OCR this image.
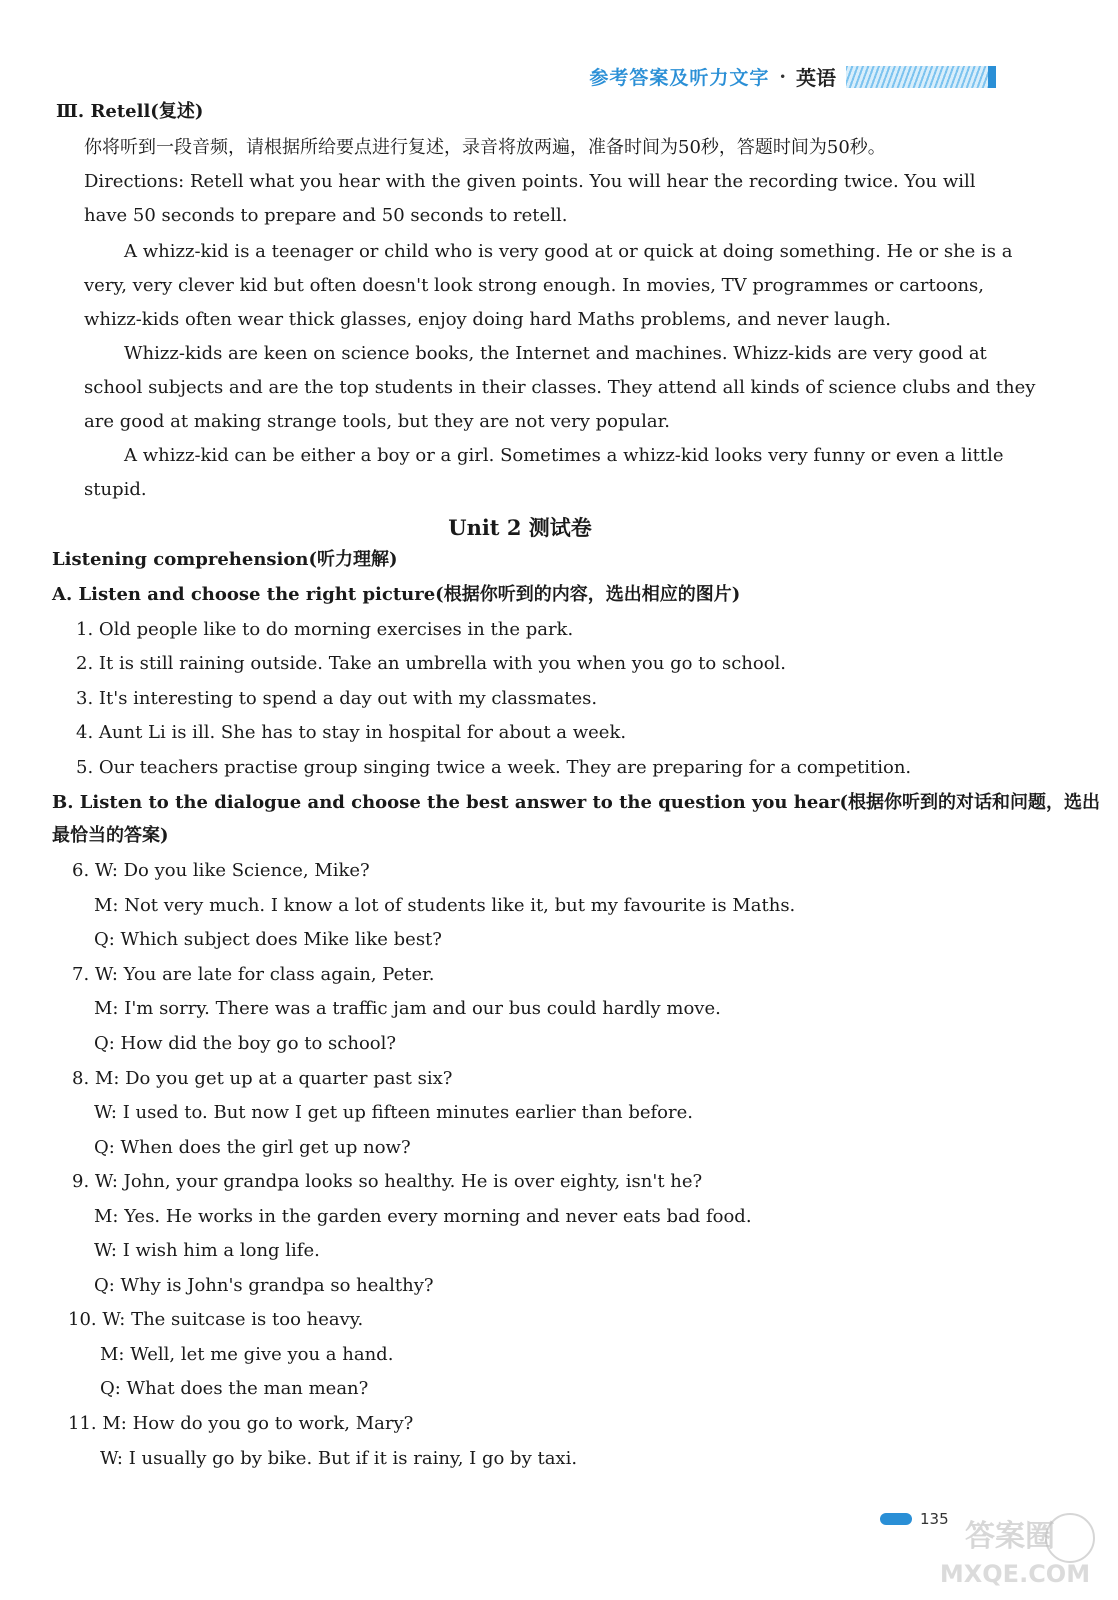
参考答案及听力文字 · 英语
Ⅲ. Retell(复述)
你将听到一段音频，请根据所给要点进行复述，录音将放两遍，准备时间为50秒，答题时间为50秒。
Directions: Retell what you hear with the given points. You will hear the recording twice. You will
have 50 seconds to prepare and 50 seconds to retell.
A whizz-kid is a teenager or child who is very good at or quick at doing something. He or she is a
very, very clever kid but often doesn't look strong enough. In movies, TV programmes or cartoons,
whizz-kids often wear thick glasses, enjoy doing hard Maths problems, and never laugh.
Whizz-kids are keen on science books, the Internet and machines. Whizz-kids are very good at
school subjects and are the top students in their classes. They attend all kinds of science clubs and they
are good at making strange tools, but they are not very popular.
A whizz-kid can be either a boy or a girl. Sometimes a whizz-kid looks very funny or even a little
stupid.
Listening comprehension(听力理解)
A. Listen and choose the right picture(根据你听到的内容，选出相应的图片)
1. Old people like to do morning exercises in the park.
2. It is still raining outside. Take an umbrella with you when you go to school.
3. It's interesting to spend a day out with my classmates.
4. Aunt Li is ill. She has to stay in hospital for about a week.
5. Our teachers practise group singing twice a week. They are preparing for a competition.
B. Listen to the dialogue and choose the best answer to the question you hear(根据你听到的对话和问题，选出
最恰当的答案)
6. W: Do you like Science, Mike?
M: Not very much. I know a lot of students like it, but my favourite is Maths.
Q: Which subject does Mike like best?
7. W: You are late for class again, Peter.
M: I'm sorry. There was a traffic jam and our bus could hardly move.
Q: How did the boy go to school?
8. M: Do you get up at a quarter past six?
W: I used to. But now I get up fifteen minutes earlier than before.
Q: When does the girl get up now?
9. W: John, your grandpa looks so healthy. He is over eighty, isn't he?
M: Yes. He works in the garden every morning and never eats bad food.
W: I wish him a long life.
Q: Why is John's grandpa so healthy?
10. W: The suitcase is too heavy.
M: Well, let me give you a hand.
Q: What does the man mean?
11. M: How do you go to work, Mary?
W: I usually go by bike. But if it is rainy, I go by taxi.
Unit 2 测试卷
135 答案圈
MXQE.COM
